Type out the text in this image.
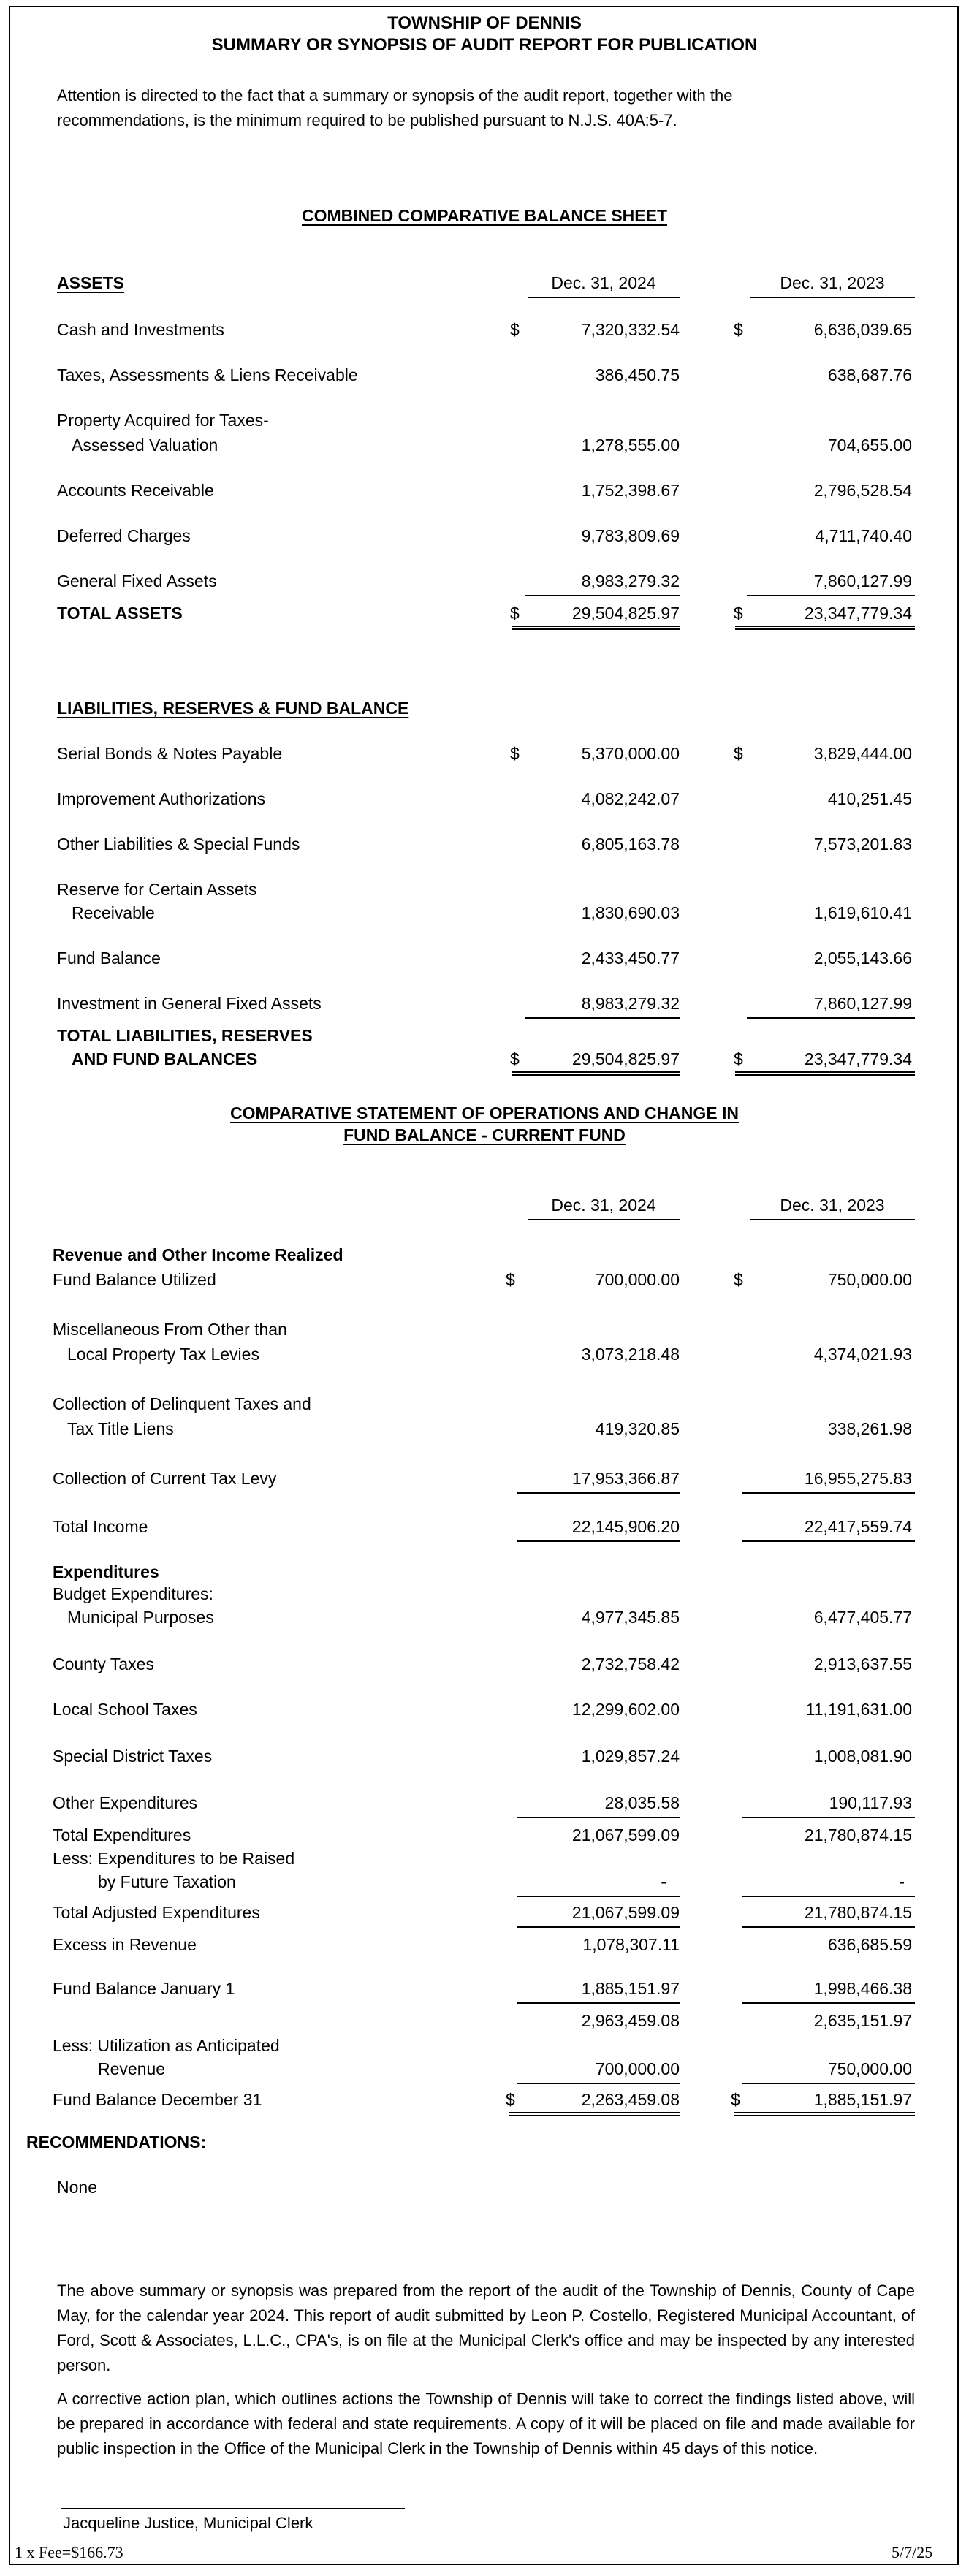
TOWNSHIP OF DENNIS
SUMMARY OR SYNOPSIS OF AUDIT REPORT FOR PUBLICATION
Attention is directed to the fact that a summary or synopsis of the audit report, together with the recommendations, is the minimum required to be published pursuant to N.J.S. 40A:5-7.
COMBINED COMPARATIVE BALANCE SHEET
ASSETS	Dec. 31, 2024	Dec. 31, 2023
Cash and Investments	$	7,320,332.54	$	6,636,039.65
Taxes, Assessments & Liens Receivable	386,450.75	638,687.76
Property Acquired for Taxes-
Assessed Valuation	1,278,555.00	704,655.00
Accounts Receivable	1,752,398.67	2,796,528.54
Deferred Charges	9,783,809.69	4,711,740.40
General Fixed Assets	8,983,279.32	7,860,127.99
TOTAL ASSETS	$	29,504,825.97	$	23,347,779.34
LIABILITIES, RESERVES & FUND BALANCE
Serial Bonds & Notes Payable	$	5,370,000.00	$	3,829,444.00
Improvement Authorizations	4,082,242.07	410,251.45
Other Liabilities & Special Funds	6,805,163.78	7,573,201.83
Reserve for Certain Assets
Receivable	1,830,690.03	1,619,610.41
Fund Balance	2,433,450.77	2,055,143.66
Investment in General Fixed Assets	8,983,279.32	7,860,127.99
TOTAL LIABILITIES, RESERVES
AND FUND BALANCES	$	29,504,825.97	$	23,347,779.34
COMPARATIVE STATEMENT OF OPERATIONS AND CHANGE IN
FUND BALANCE - CURRENT FUND
Dec. 31, 2024	Dec. 31, 2023
Revenue and Other Income Realized
Fund Balance Utilized	$	700,000.00	$	750,000.00
Miscellaneous From Other than
Local Property Tax Levies	3,073,218.48	4,374,021.93
Collection of Delinquent Taxes and
Tax Title Liens	419,320.85	338,261.98
Collection of Current Tax Levy	17,953,366.87	16,955,275.83
Total Income	22,145,906.20	22,417,559.74
Expenditures
Budget Expenditures:
Municipal Purposes	4,977,345.85	6,477,405.77
County Taxes	2,732,758.42	2,913,637.55
Local School Taxes	12,299,602.00	11,191,631.00
Special District Taxes	1,029,857.24	1,008,081.90
Other Expenditures	28,035.58	190,117.93
Total Expenditures	21,067,599.09	21,780,874.15
Less: Expenditures to be Raised
by Future Taxation	-	-
Total Adjusted Expenditures	21,067,599.09	21,780,874.15
Excess in Revenue	1,078,307.11	636,685.59
Fund Balance January 1	1,885,151.97	1,998,466.38
2,963,459.08	2,635,151.97
Less: Utilization as Anticipated
Revenue	700,000.00	750,000.00
Fund Balance December 31	$	2,263,459.08	$	1,885,151.97
RECOMMENDATIONS:
None
The above summary or synopsis was prepared from the report of the audit of the Township of Dennis, County of Cape May, for the calendar year 2024. This report of audit submitted by Leon P. Costello, Registered Municipal Accountant, of Ford, Scott & Associates, L.L.C., CPA's, is on file at the Municipal Clerk's office and may be inspected by any interested person.
A corrective action plan, which outlines actions the Township of Dennis will take to correct the findings listed above, will be prepared in accordance with federal and state requirements. A copy of it will be placed on file and made available for public inspection in the Office of the Municipal Clerk in the Township of Dennis within 45 days of this notice.
Jacqueline Justice, Municipal Clerk
1 x Fee=$166.73	5/7/25
